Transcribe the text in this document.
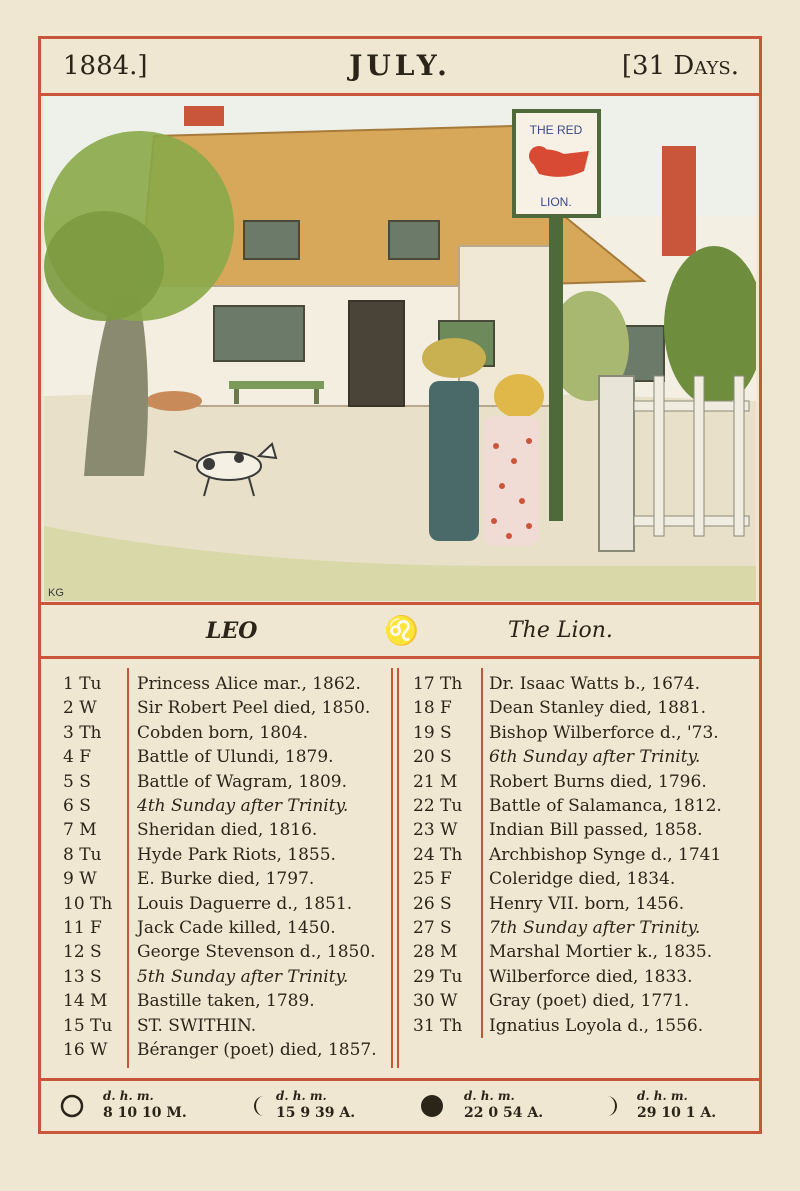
1884.]	JULY.	[31 Days.
THE RED
LION.
KG
LEO	♌	The Lion.
1 Tu Princess Alice mar., 1862.
2 W Sir Robert Peel died, 1850.
3 Th Cobden born, 1804.
4 F	Battle of Ulundi, 1879.
5 S	Battle of Wagram, 1809.
6 S	4th Sunday after Trinity.
7 M Sheridan died, 1816.
8 Tu Hyde Park Riots, 1855.
9 W E. Burke died, 1797.
10 Th Louis Daguerre d., 1851.
11 F Jack Cade killed, 1450.
12 S George Stevenson d., 1850.
13 S 5th Sunday after Trinity.
14 M Bastille taken, 1789.
15 Tu ST. SWITHIN.
16 W Béranger (poet) died, 1857.
17 Th Dr. Isaac Watts b., 1674.
18 F Dean Stanley died, 1881.
19 S Bishop Wilberforce d., '73.
20 S 6th Sunday after Trinity.
21 M Robert Burns died, 1796.
22 Tu Battle of Salamanca, 1812.
23 W Indian Bill passed, 1858.
24 Th Archbishop Synge d., 1741
25 F Coleridge died, 1834.
26 S Henry VII. born, 1456.
27 S 7th Sunday after Trinity.
28 M Marshal Mortier k., 1835.
29 Tu Wilberforce died, 1833.
30 W Gray (poet) died, 1771.
31 Th Ignatius Loyola d., 1556.
d. h. m.
8 10 10 M.
d. h. m.
15 9 39 A.
d. h. m.
22 0 54 A.
d. h. m.
29 10 1 A.
